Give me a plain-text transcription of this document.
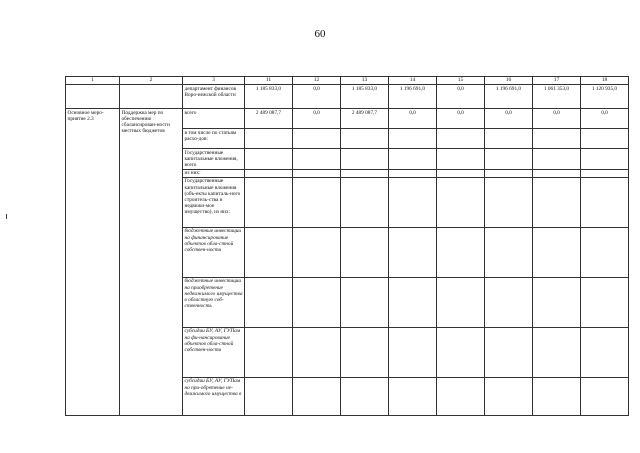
60
1	2	3	11	12	13	14	15	16	17	18
		департамент финансов Воро-нежской области	1 185 833,0	0,0	1 185 833,0	1 196 691,0	0,0	1 196 691,0	1 061 353,0	1 120 935,0
Основное меро-приятие 2.3	Поддержка мер по обеспечению сбалансирован-ности местных бюджетов	всего	2 489 087,7	0,0	2 489 087,7	0,0	0,0	0,0	0,0	0,0
		в том числе по статьям расхо-дов:								
		Государственные капитальные вложения, всего								
		из них:								
		Государственные капитальные вложения (объ-екты капиталь-ного строитель-ства и недвижи-мое имущество), из них:								
		бюджетные инвестиции на финансирование объектов обла-стной собствен-ности								
		бюджетные инвестиции на приобретение недвижимого имущества в областную соб-ственность								
		субсидии БУ, АУ, ГУПам на фи-нансирование объектов обла-стной собствен-ности								
		субсидии БУ, АУ, ГУПам на при-обретение не-движимого имущества в								
